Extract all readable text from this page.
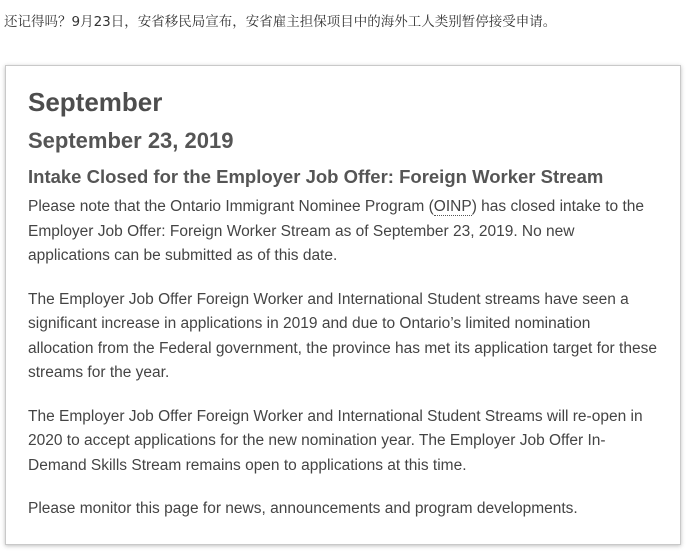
还记得吗？9月23日，安省移民局宣布，安省雇主担保项目中的海外工人类别暂停接受申请。
September
September 23, 2019
Intake Closed for the Employer Job Offer: Foreign Worker Stream

Please note that the Ontario Immigrant Nominee Program (OINP) has closed intake to the Employer Job Offer: Foreign Worker Stream as of September 23, 2019. No new applications can be submitted as of this date.

The Employer Job Offer Foreign Worker and International Student streams have seen a significant increase in applications in 2019 and due to Ontario’s limited nomination allocation from the Federal government, the province has met its application target for these streams for the year.

The Employer Job Offer Foreign Worker and International Student Streams will re-open in 2020 to accept applications for the new nomination year. The Employer Job Offer In-Demand Skills Stream remains open to applications at this time.

Please monitor this page for news, announcements and program developments.
